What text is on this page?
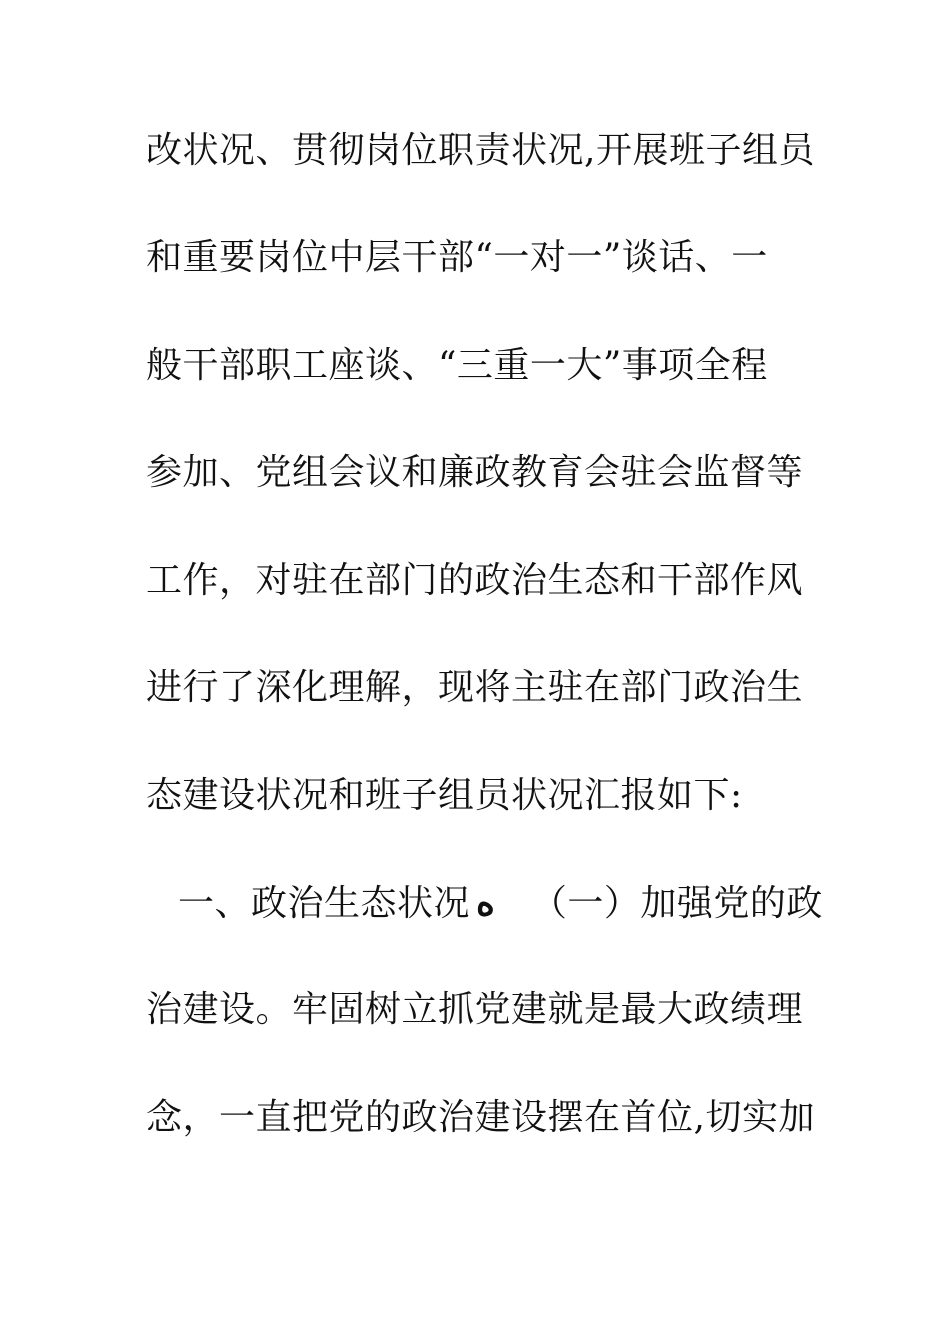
改状况、贯彻岗位职责状况,开展班子组员
和重要岗位中层干部“一对一”谈话、一
般干部职工座谈、“三重一大”事项全程
参加、党组会议和廉政教育会驻会监督等
工作，对驻在部门的政治生态和干部作风
进行了深化理解，现将主驻在部门政治生
态建设状况和班子组员状况汇报如下:
一、政治生态状况 ﻩ （一）加强党的政
治建设。牢固树立抓党建就是最大政绩理
念，一直把党的政治建设摆在首位,切实加
